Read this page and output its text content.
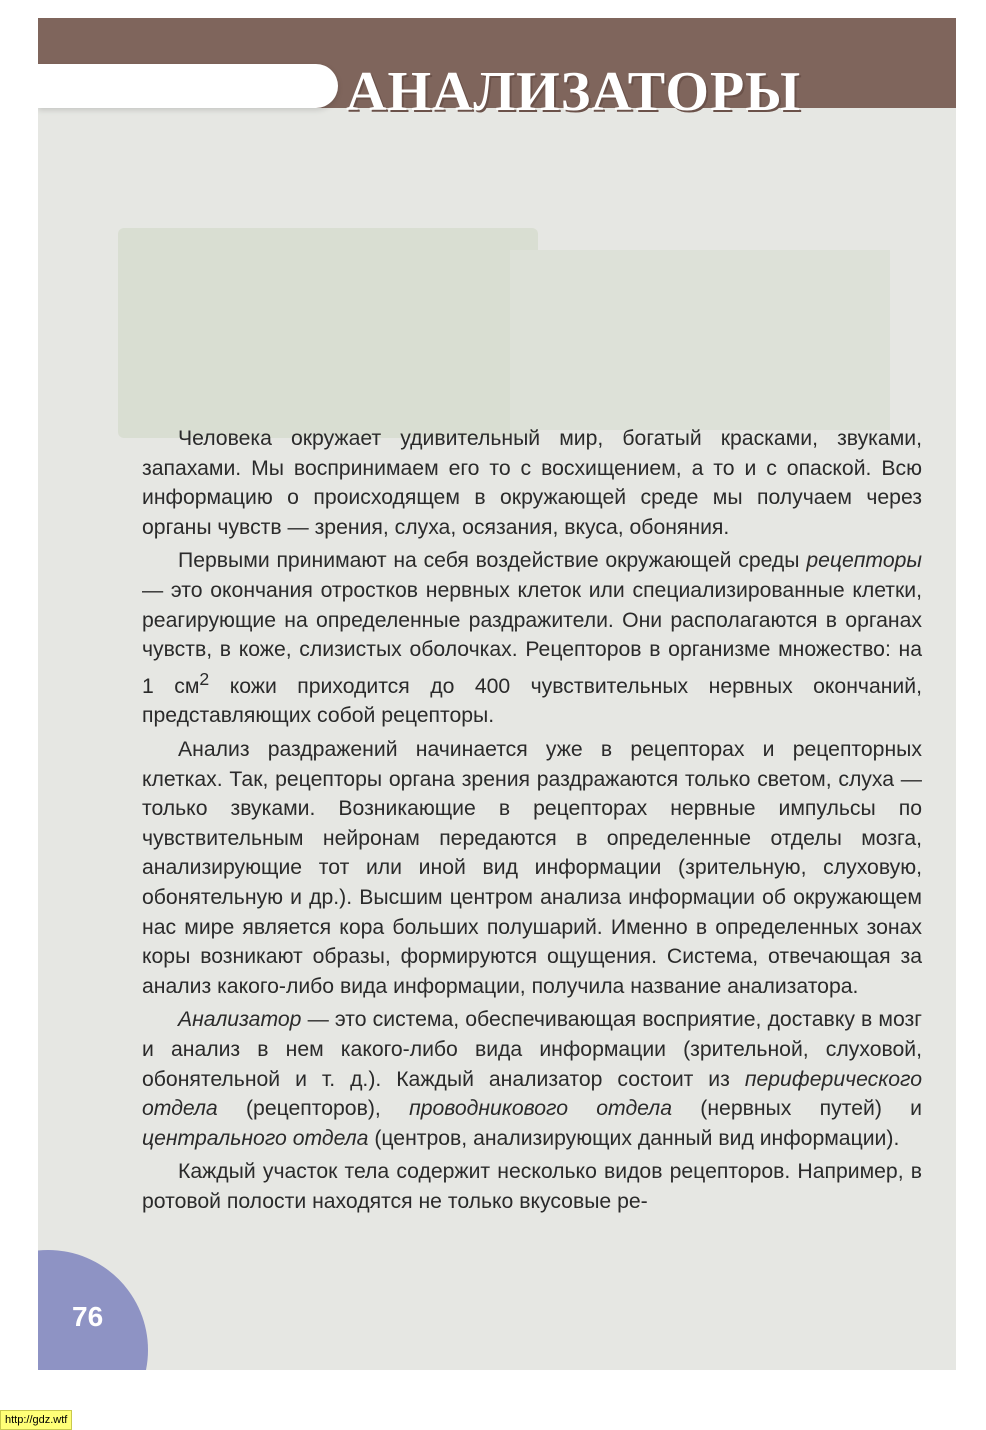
АНАЛИЗАТОРЫ

Человека окружает удивительный мир, богатый красками, звуками, запахами. Мы воспринимаем его то с восхищением, а то и с опаской. Всю информацию о происходящем в окружающей среде мы получаем через органы чувств — зрения, слуха, осязания, вкуса, обоняния.

Первыми принимают на себя воздействие окружающей среды рецепторы — это окончания отростков нервных клеток или специализированные клетки, реагирующие на определенные раздражители. Они располагаются в органах чувств, в коже, слизистых оболочках. Рецепторов в организме множество: на 1 $см^2$ кожи приходится до 400 чувствительных нервных окончаний, представляющих собой рецепторы.

Анализ раздражений начинается уже в рецепторах и рецепторных клетках. Так, рецепторы органа зрения раздражаются только светом, слуха — только звуками. Возникающие в рецепторах нервные импульсы по чувствительным нейронам передаются в определенные отделы мозга, анализирующие тот или иной вид информации (зрительную, слуховую, обонятельную и др.). Высшим центром анализа информации об окружающем нас мире является кора больших полушарий. Именно в определенных зонах коры возникают образы, формируются ощущения. Система, отвечающая за анализ какого-либо вида информации, получила название анализатора.

Анализатор — это система, обеспечивающая восприятие, доставку в мозг и анализ в нем какого-либо вида информации (зрительной, слуховой, обонятельной и т. д.). Каждый анализатор состоит из периферического отдела (рецепторов), проводникового отдела (нервных путей) и центрального отдела (центров, анализирующих данный вид информации).

Каждый участок тела содержит несколько видов рецепторов. Например, в ротовой полости находятся не только вкусовые ре-

76
http://gdz.wtf
